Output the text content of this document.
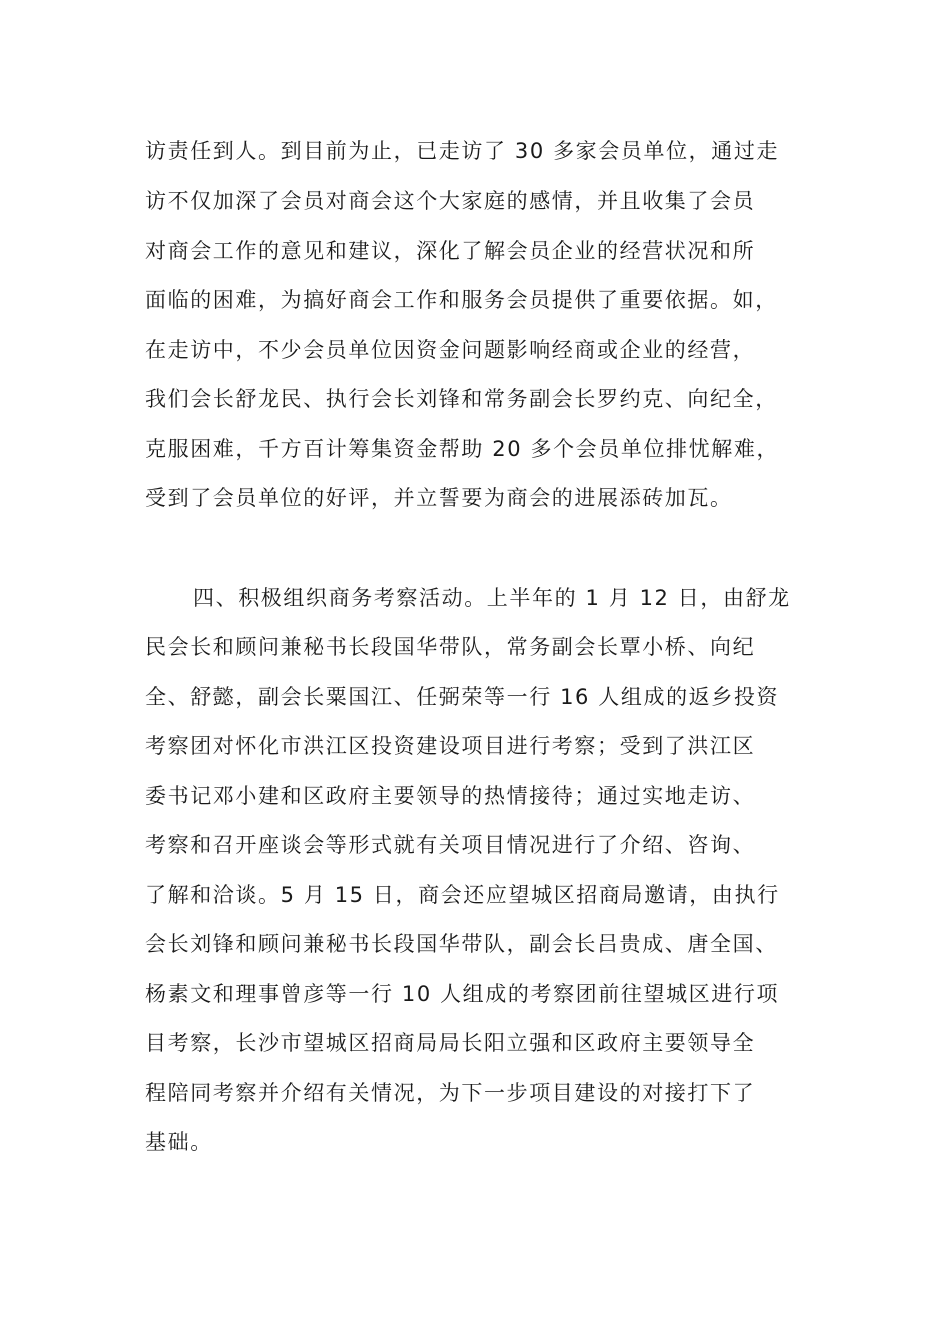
访责任到人。到目前为止，已走访了 30 多家会员单位，通过走
访不仅加深了会员对商会这个大家庭的感情，并且收集了会员
对商会工作的意见和建议，深化了解会员企业的经营状况和所
面临的困难，为搞好商会工作和服务会员提供了重要依据。如，
在走访中，不少会员单位因资金问题影响经商或企业的经营，
我们会长舒龙民、执行会长刘锋和常务副会长罗约克、向纪全，
克服困难，千方百计筹集资金帮助 20 多个会员单位排忧解难，
受到了会员单位的好评，并立誓要为商会的进展添砖加瓦。
四、积极组织商务考察活动。上半年的 1 月 12 日，由舒龙
民会长和顾问兼秘书长段国华带队，常务副会长覃小桥、向纪
全、舒懿，副会长粟国江、任弼荣等一行 16 人组成的返乡投资
考察团对怀化市洪江区投资建设项目进行考察；受到了洪江区
委书记邓小建和区政府主要领导的热情接待；通过实地走访、
考察和召开座谈会等形式就有关项目情况进行了介绍、咨询、
了解和洽谈。5 月 15 日，商会还应望城区招商局邀请，由执行
会长刘锋和顾问兼秘书长段国华带队，副会长吕贵成、唐全国、
杨素文和理事曾彦等一行 10 人组成的考察团前往望城区进行项
目考察，长沙市望城区招商局局长阳立强和区政府主要领导全
程陪同考察并介绍有关情况，为下一步项目建设的对接打下了
基础。
